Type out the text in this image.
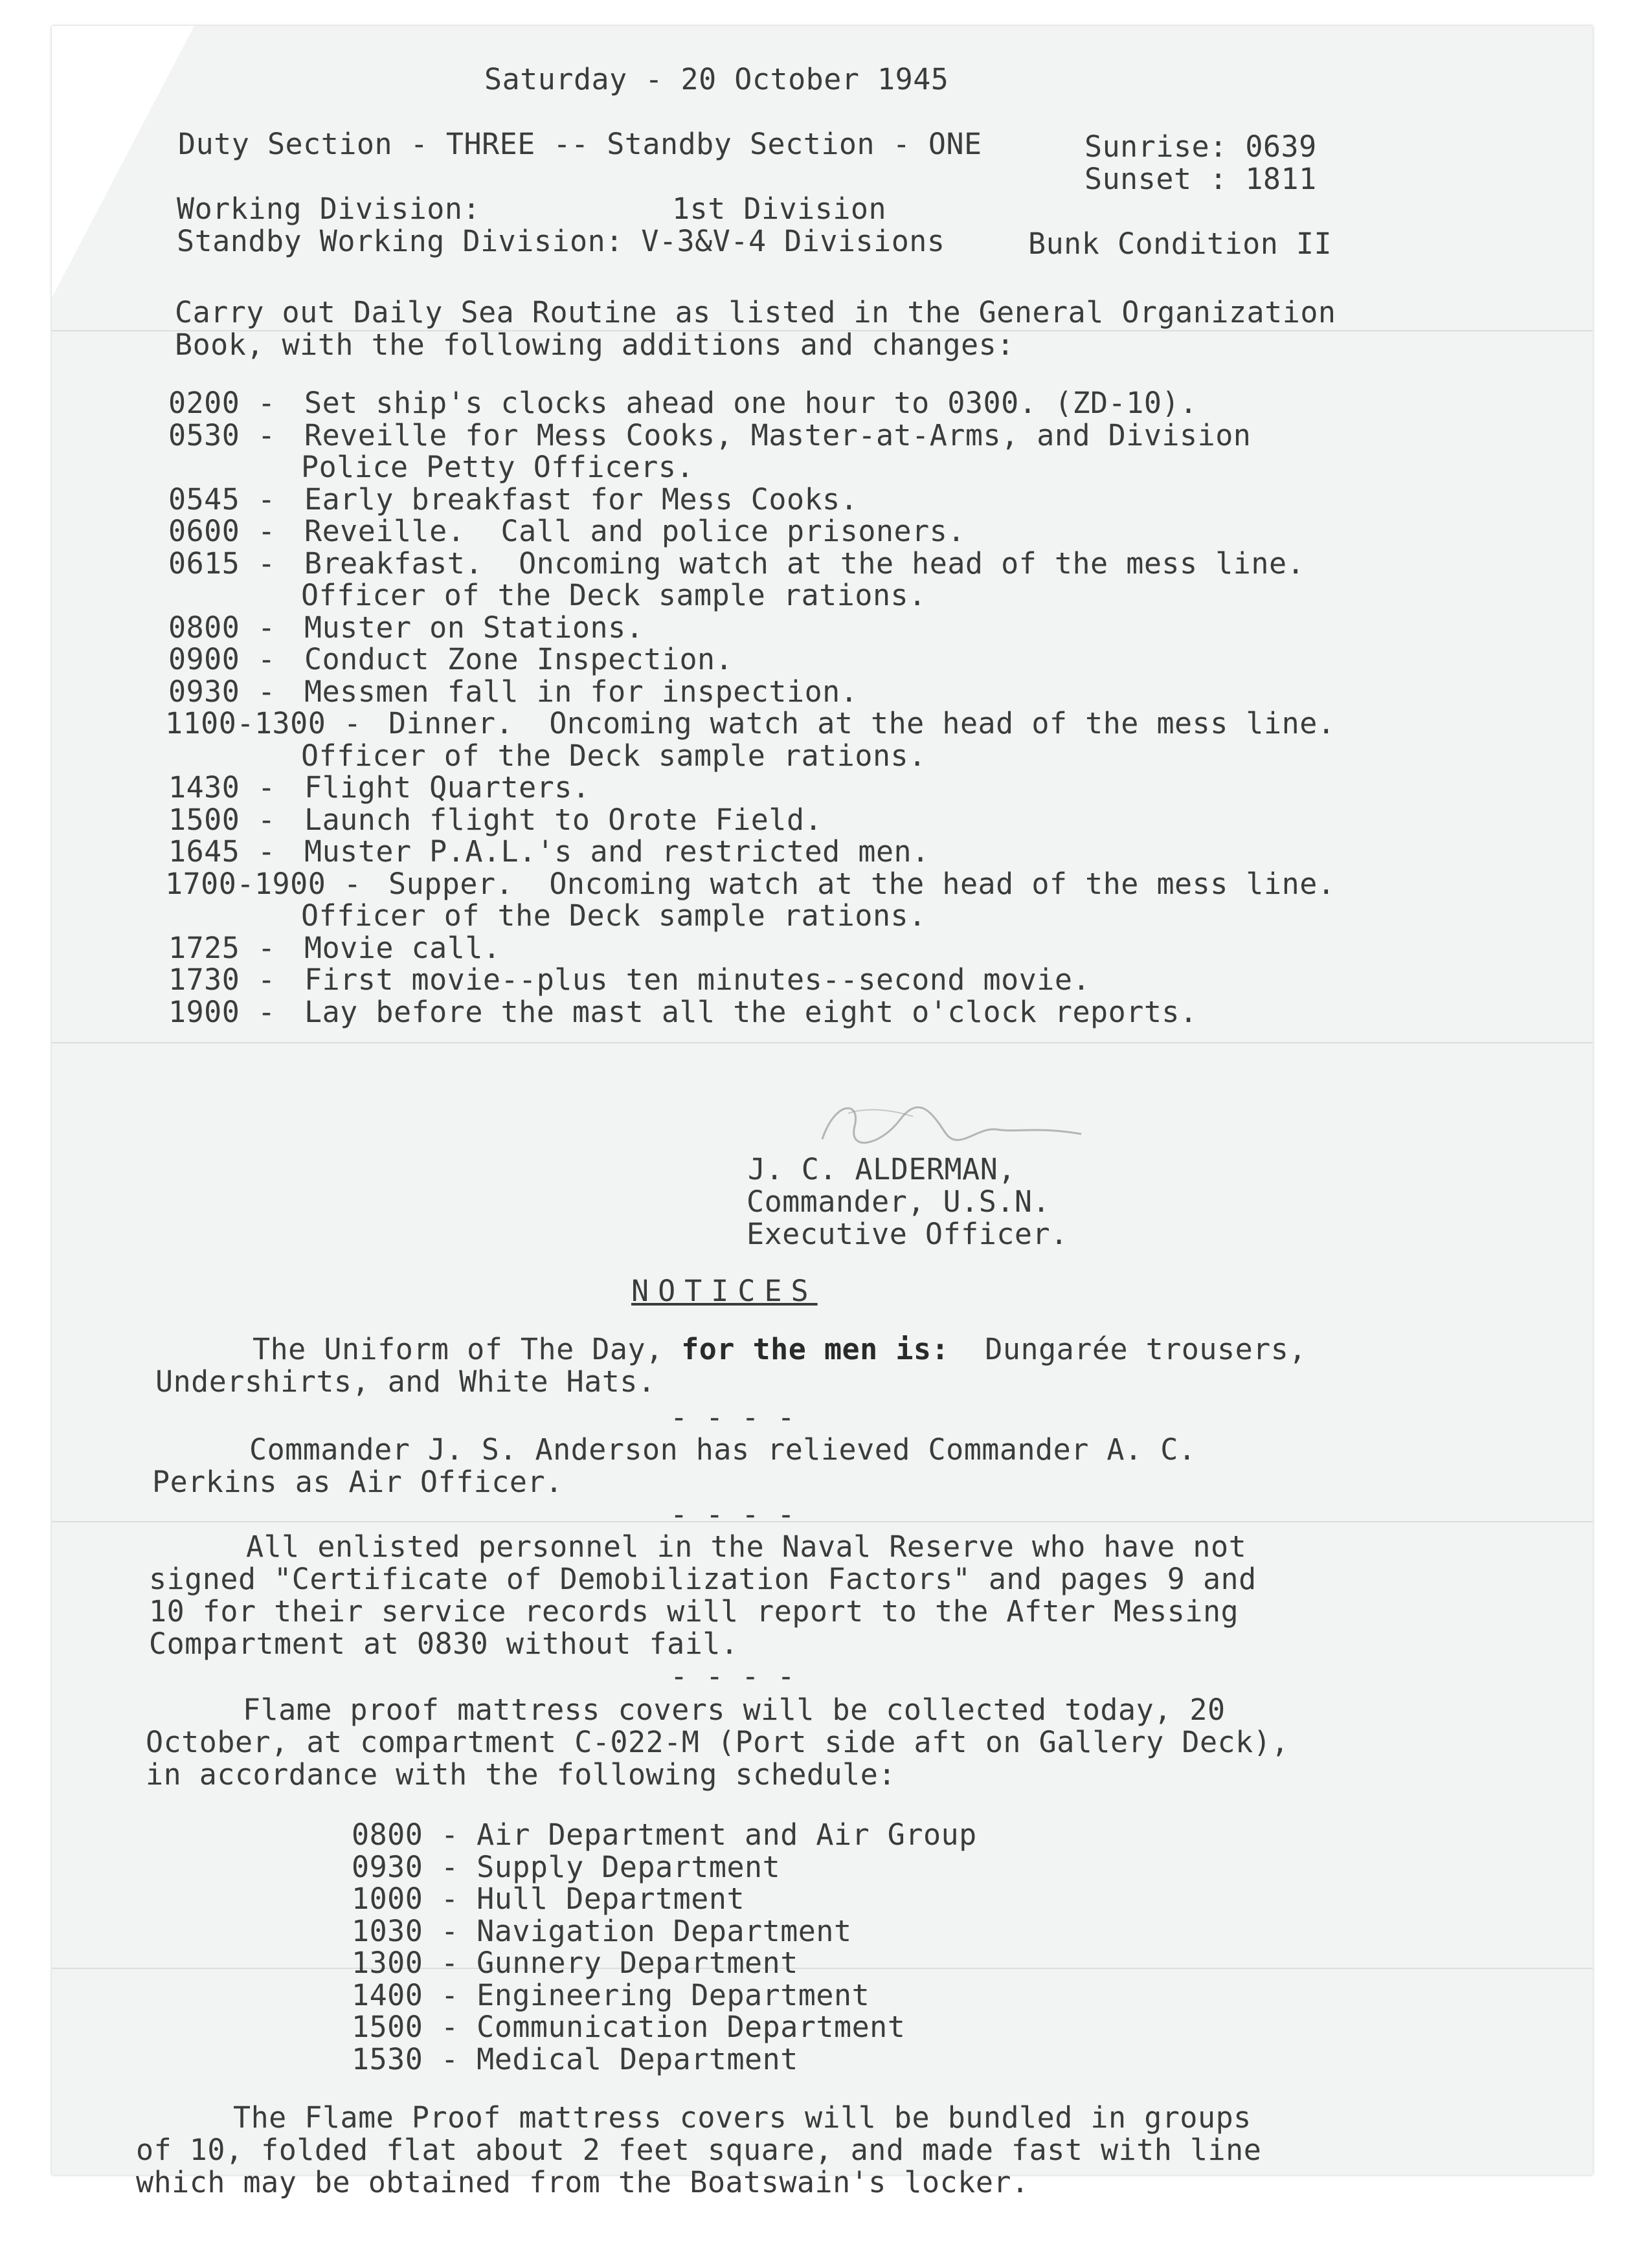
Saturday - 20 October 1945
Duty Section - THREE -- Standby Section - ONE	Sunrise: 0639
Sunset : 1811
Working Division:	1st Division
Standby Working Division: V-3&V-4 Divisions	Bunk Condition II
Carry out Daily Sea Routine as listed in the General Organization
Book, with the following additions and changes:
0200 - Set ship's clocks ahead one hour to 0300. (ZD-10).
0530 - Reveille for Mess Cooks, Master-at-Arms, and Division
Police Petty Officers.
0545 - Early breakfast for Mess Cooks.
0600 - Reveille.  Call and police prisoners.
0615 - Breakfast.  Oncoming watch at the head of the mess line.
Officer of the Deck sample rations.
0800 - Muster on Stations.
0900 - Conduct Zone Inspection.
0930 - Messmen fall in for inspection.
1100-1300 - Dinner.  Oncoming watch at the head of the mess line.
Officer of the Deck sample rations.
1430 - Flight Quarters.
1500 - Launch flight to Orote Field.
1645 - Muster P.A.L.'s and restricted men.
1700-1900 - Supper.  Oncoming watch at the head of the mess line.
Officer of the Deck sample rations.
1725 - Movie call.
1730 - First movie--plus ten minutes--second movie.
1900 - Lay before the mast all the eight o'clock reports.
J. C. ALDERMAN,
Commander, U.S.N.
Executive Officer.
NOTICES
The Uniform of The Day, for the men is:  Dungarée trousers,
Undershirts, and White Hats.
- - - -
Commander J. S. Anderson has relieved Commander A. C.
Perkins as Air Officer.
- - - -
All enlisted personnel in the Naval Reserve who have not
signed "Certificate of Demobilization Factors" and pages 9 and
10 for their service records will report to the After Messing
Compartment at 0830 without fail.
- - - -
Flame proof mattress covers will be collected today, 20
October, at compartment C-022-M (Port side aft on Gallery Deck),
in accordance with the following schedule:
0800 - Air Department and Air Group
0930 - Supply Department
1000 - Hull Department
1030 - Navigation Department
1300 - Gunnery Department
1400 - Engineering Department
1500 - Communication Department
1530 - Medical Department
The Flame Proof mattress covers will be bundled in groups
of 10, folded flat about 2 feet square, and made fast with line
which may be obtained from the Boatswain's locker.
